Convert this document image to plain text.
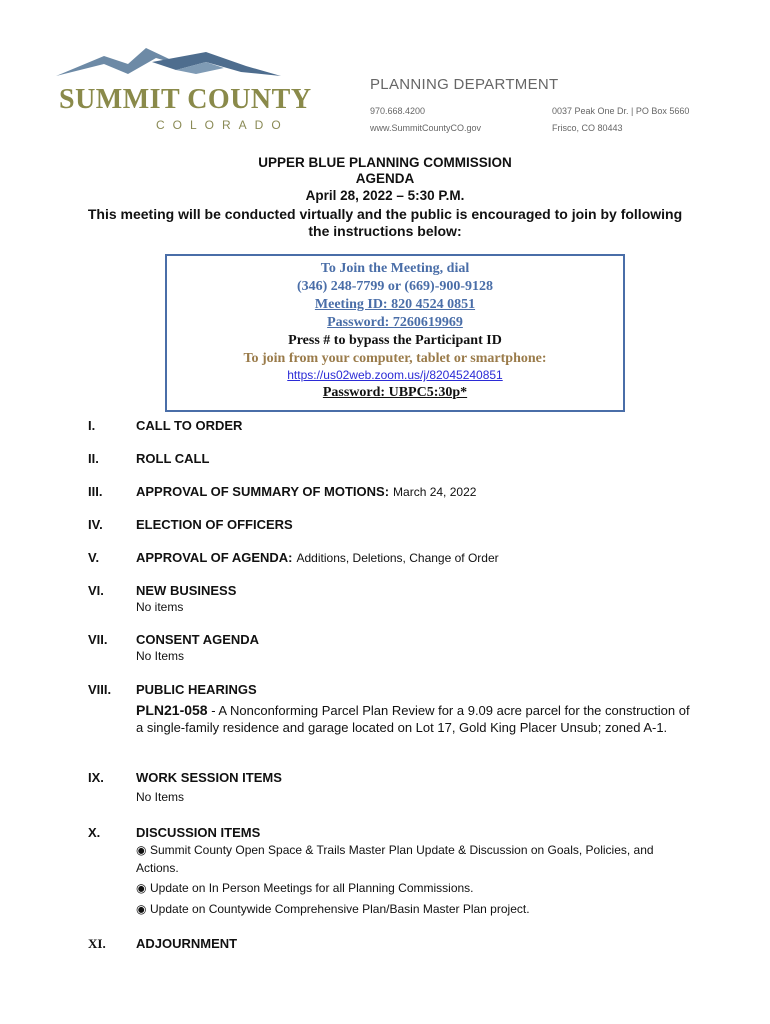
SUMMIT COUNTY
COLORADO
PLANNING DEPARTMENT
970.668.4200
www.SummitCountyCO.gov
0037 Peak One Dr. | PO Box 5660
Frisco, CO 80443
UPPER BLUE PLANNING COMMISSION
AGENDA
April 28, 2022 – 5:30 P.M.
This meeting will be conducted virtually and the public is encouraged to join by following
the instructions below:
To Join the Meeting, dial
(346) 248-7799 or (669)-900-9128
Meeting ID: 820 4524 0851
Password: 7260619969
Press # to bypass the Participant ID
To join from your computer, tablet or smartphone:
https://us02web.zoom.us/j/82045240851
Password: UBPC5:30p*
I.	CALL TO ORDER
II.	ROLL CALL
III.	APPROVAL OF SUMMARY OF MOTIONS: March 24, 2022
IV.	ELECTION OF OFFICERS
V.	APPROVAL OF AGENDA: Additions, Deletions, Change of Order
VI. NEW BUSINESS
No items
VII. CONSENT AGENDA
No Items
VIII. PUBLIC HEARINGS
PLN21-058 - A Nonconforming Parcel Plan Review for a 9.09 acre parcel for the construction of a single-family residence and garage located on Lot 17, Gold King Placer Unsub; zoned A-1.
IX. WORK SESSION ITEMS
No Items
X.	DISCUSSION ITEMS
◉ Summit County Open Space & Trails Master Plan Update & Discussion on Goals, Policies, and
Actions.
◉ Update on In Person Meetings for all Planning Commissions.
◉ Update on Countywide Comprehensive Plan/Basin Master Plan project.
XI. ADJOURNMENT
